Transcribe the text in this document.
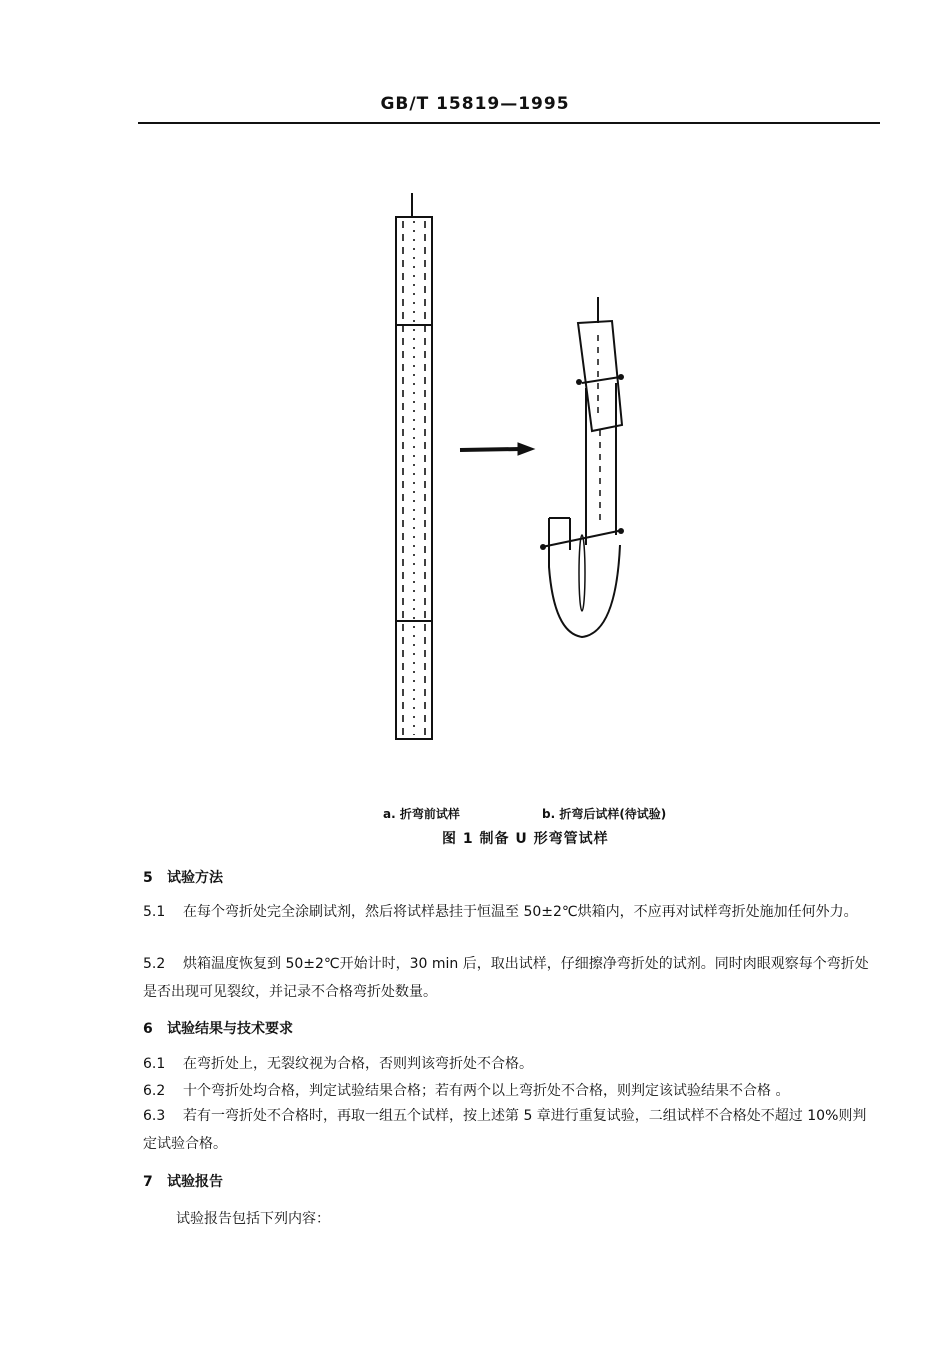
GB/T 15819—1995
a. 折弯前试样	b. 折弯后试样(待试验)
图 1 制备 U 形弯管试样
5 试验方法
5.1 在每个弯折处完全涂刷试剂，然后将试样悬挂于恒温至 50±2℃烘箱内，不应再对试样弯折处施加任何外力。
5.2 烘箱温度恢复到 50±2℃开始计时，30 min 后，取出试样，仔细擦净弯折处的试剂。同时肉眼观察每个弯折处是否出现可见裂纹，并记录不合格弯折处数量。
6 试验结果与技术要求
6.1 在弯折处上，无裂纹视为合格，否则判该弯折处不合格。
6.2 十个弯折处均合格，判定试验结果合格；若有两个以上弯折处不合格，则判定该试验结果不合格 。
6.3 若有一弯折处不合格时，再取一组五个试样，按上述第 5 章进行重复试验，二组试样不合格处不超过 10%则判定试验合格。
7 试验报告
试验报告包括下列内容：
